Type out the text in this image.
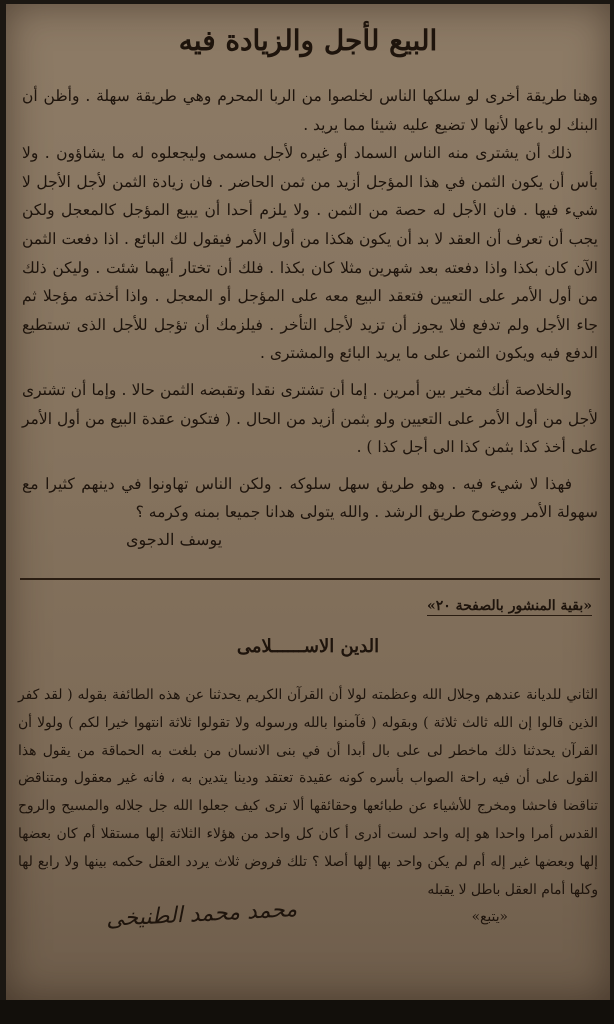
البيع لأجل والزيادة فيه

وهنا طريقة أخرى لو سلكها الناس لخلصوا من الربا المحرم وهي طريقة سهلة . وأظن أن البنك لو باعها لأنها لا تضيع عليه شيئا مما يريد .

ذلك أن يشترى منه الناس السماد أو غيره لأجل مسمى وليجعلوه له ما يشاؤون . ولا بأس أن يكون الثمن في هذا المؤجل أزيد من ثمن الحاضر . فان زيادة الثمن لأجل الأجل لا شيء فيها . فان الأجل له حصة من الثمن . ولا يلزم أحدا أن يبيع المؤجل كالمعجل ولكن يجب أن تعرف أن العقد لا بد أن يكون هكذا من أول الأمر فيقول لك البائع . اذا دفعت الثمن الآن كان بكذا واذا دفعته بعد شهرين مثلا كان بكذا . فلك أن تختار أيهما شئت . وليكن ذلك من أول الأمر على التعيين فتعقد البيع معه على المؤجل أو المعجل . واذا أخذته مؤجلا ثم جاء الأجل ولم تدفع فلا يجوز أن تزيد لأجل التأخر . فيلزمك أن تؤجل للأجل الذى تستطيع الدفع فيه ويكون الثمن على ما يريد البائع والمشترى .

والخلاصة أنك مخير بين أمرين . إما أن تشترى نقدا وتقبضه الثمن حالا . وإما أن تشترى لأجل من أول الأمر على التعيين ولو بثمن أزيد من الحال . ( فتكون عقدة البيع من أول الأمر على أخذ كذا بثمن كذا الى أجل كذا ) .

فهذا لا شيء فيه . وهو طريق سهل سلوكه . ولكن الناس تهاونوا في دينهم كثيرا مع سهولة الأمر ووضوح طريق الرشد . والله يتولى هدانا جميعا بمنه وكرمه ؟

يوسف الدجوى
«بقية المنشور بالصفحة ٢٠»
الدين الاســــــلامى

الثاني للديانة عندهم وجلال الله وعظمته لولا أن القرآن الكريم يحدثنا عن هذه الطائفة بقوله ( لقد كفر الذين قالوا إن الله ثالث ثلاثة ) وبقوله ( فآمنوا بالله ورسوله ولا تقولوا ثلاثة انتهوا خيرا لكم ) ولولا أن القرآن يحدثنا ذلك ماخطر لى على بال أبدا أن في بنى الانسان من بلغت به الحماقة من يقول هذا القول على أن فيه راحة الصواب بأسره كونه عقيدة تعتقد ودينا يتدين به ، فانه غير معقول ومتناقض تناقضا فاحشا ومخرج للأشياء عن طبائعها وحقائقها ألا ترى كيف جعلوا الله جل جلاله والمسيح والروح القدس أمرا واحدا هو إله واحد لست أدرى أ كان كل واحد من هؤلاء الثلاثة إلها مستقلا أم كان بعضها إلها وبعضها غير إله أم لم يكن واحد بها إلها أصلا ؟ تلك فروض ثلاث يردد العقل حكمه بينها ولا رابع لها وكلها أمام العقل باطل لا يقبله

«يتبع»

محمد محمد الطنيخى
